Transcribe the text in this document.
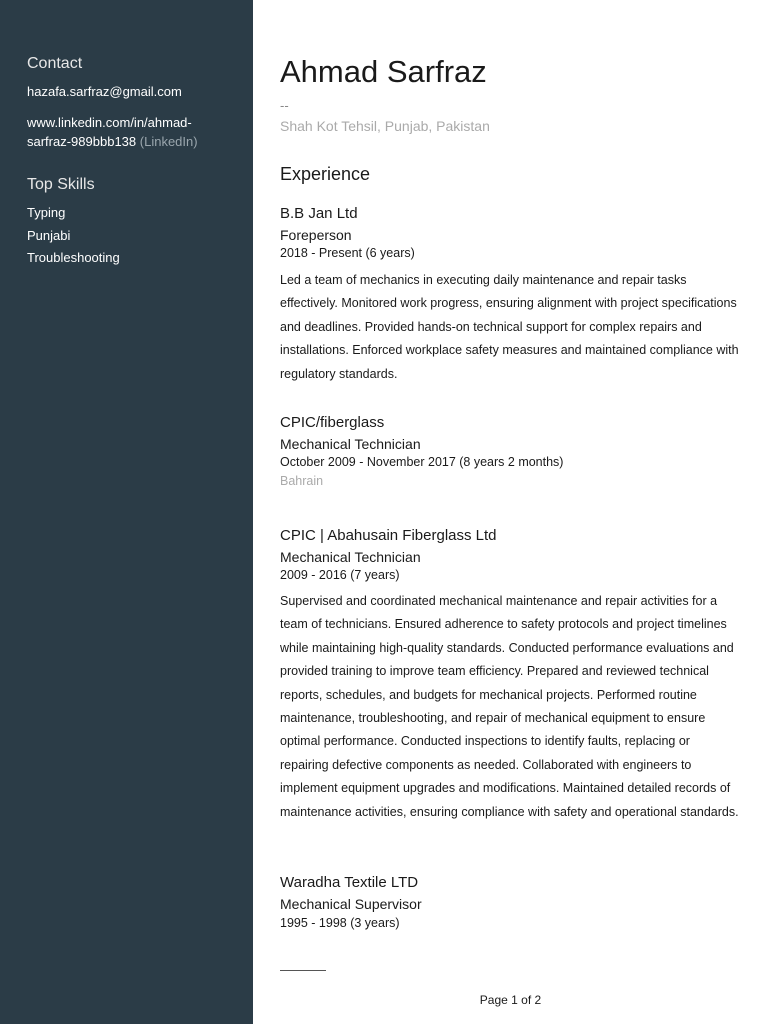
Contact
hazafa.sarfraz@gmail.com
www.linkedin.com/in/ahmad-sarfraz-989bbb138 (LinkedIn)
Top Skills
Typing
Punjabi
Troubleshooting
Ahmad Sarfraz
--
Shah Kot Tehsil, Punjab, Pakistan
Experience
B.B Jan Ltd
Foreperson
2018 - Present (6 years)
Led a team of mechanics in executing daily maintenance and repair tasks effectively. Monitored work progress, ensuring alignment with project specifications and deadlines. Provided hands-on technical support for complex repairs and installations. Enforced workplace safety measures and maintained compliance with regulatory standards.
CPIC/fiberglass
Mechanical Technician
October 2009 - November 2017 (8 years 2 months)
Bahrain
CPIC | Abahusain Fiberglass Ltd
Mechanical Technician
2009 - 2016 (7 years)
Supervised and coordinated mechanical maintenance and repair activities for a team of technicians. Ensured adherence to safety protocols and project timelines while maintaining high-quality standards. Conducted performance evaluations and provided training to improve team efficiency. Prepared and reviewed technical reports, schedules, and budgets for mechanical projects. Performed routine maintenance, troubleshooting, and repair of mechanical equipment to ensure optimal performance. Conducted inspections to identify faults, replacing or repairing defective components as needed. Collaborated with engineers to implement equipment upgrades and modifications. Maintained detailed records of maintenance activities, ensuring compliance with safety and operational standards.
Waradha Textile LTD
Mechanical Supervisor
1995 - 1998 (3 years)
Page 1 of 2
